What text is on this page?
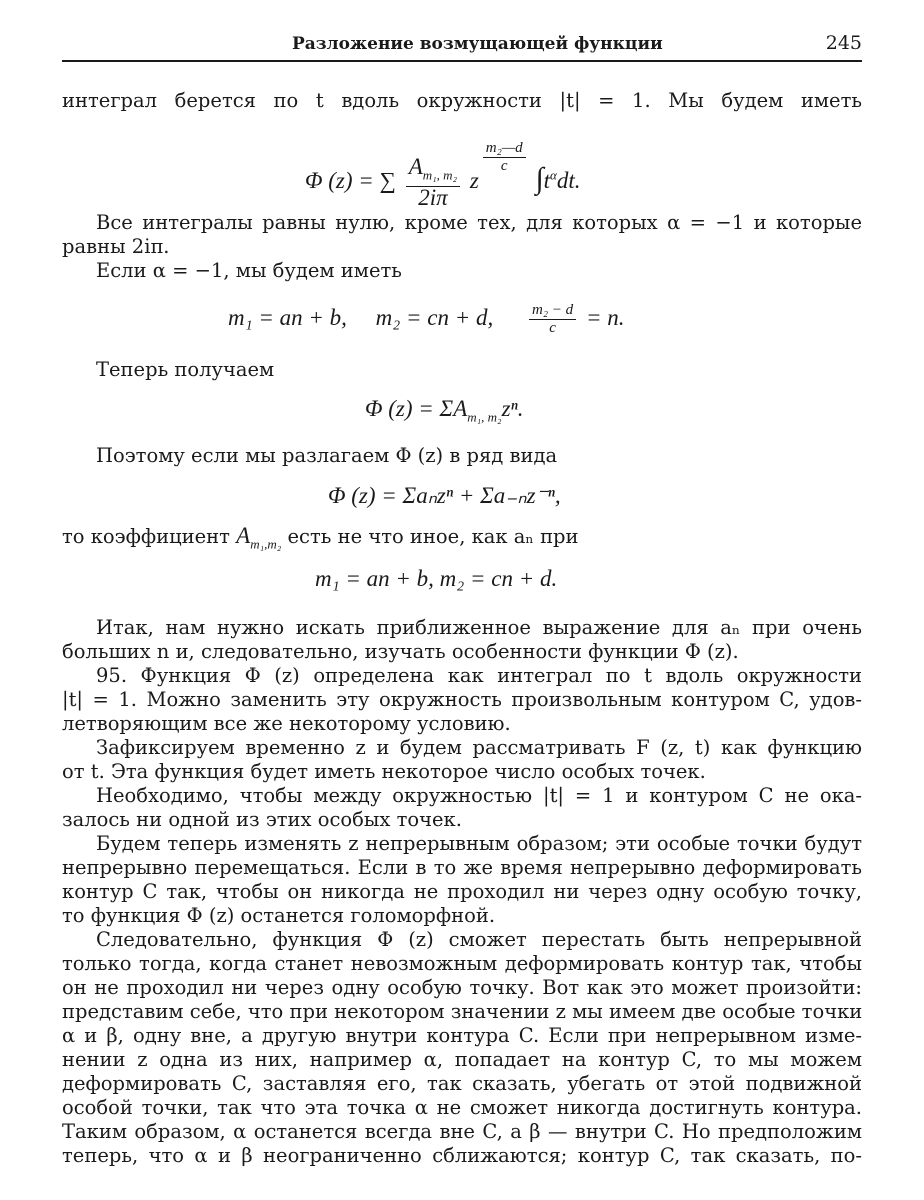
Разложение возмущающей функции	245
интеграл берется по t вдоль окружности |t| = 1. Мы будем иметь
Φ (z) = ∑ $\frac{A_{m_1, m_2}}{2i\pi}$ z
$^{\frac{\text{m₂—d}}{c}}$
$\int t^\alpha dt$.
Все интегралы равны нулю, кроме тех, для которых α = −1 и которые
равны 2iπ.
Если α = −1, мы будем иметь
m₁ = an + b,     m₂ = cn + d, $\frac{\text{m₂ − d}}{c} = n$.
Теперь получаем
Φ $(z) = \Sigma A_{m_1, m_2}z^n$.
Поэтому если мы разлагаем Φ (z) в ряд вида
Φ (z) = Σaₙzⁿ + Σa₋ₙz⁻ⁿ,
то коэффициент $A_{m_1,m_2}$ есть не что иное, как aₙ при
m₁ = an + b, m₂ = cn + d.
Итак, нам нужно искать приближенное выражение для aₙ при очень
больших n и, следовательно, изучать особенности функции Φ (z).
95. Функция Φ (z) определена как интеграл по t вдоль окружности
|t| = 1. Можно заменить эту окружность произвольным контуром C, удов-
летворяющим все же некоторому условию.
Зафиксируем временно z и будем рассматривать F (z, t) как функцию
от t. Эта функция будет иметь некоторое число особых точек.
Необходимо, чтобы между окружностью |t| = 1 и контуром C не ока-
залось ни одной из этих особых точек.
Будем теперь изменять z непрерывным образом; эти особые точки будут
непрерывно перемещаться. Если в то же время непрерывно деформировать
контур C так, чтобы он никогда не проходил ни через одну особую точку,
то функция Φ (z) останется голоморфной.
Следовательно, функция Φ (z) сможет перестать быть непрерывной
только тогда, когда станет невозможным деформировать контур так, чтобы
он не проходил ни через одну особую точку. Вот как это может произойти:
представим себе, что при некотором значении z мы имеем две особые точки
α и β, одну вне, а другую внутри контура C. Если при непрерывном изме-
нении z одна из них, например α, попадает на контур C, то мы можем
деформировать C, заставляя его, так сказать, убегать от этой подвижной
особой точки, так что эта точка α не сможет никогда достигнуть контура.
Таким образом, α останется всегда вне C, а β — внутри C. Но предположим
теперь, что α и β неограниченно сближаются; контур C, так сказать, по-
